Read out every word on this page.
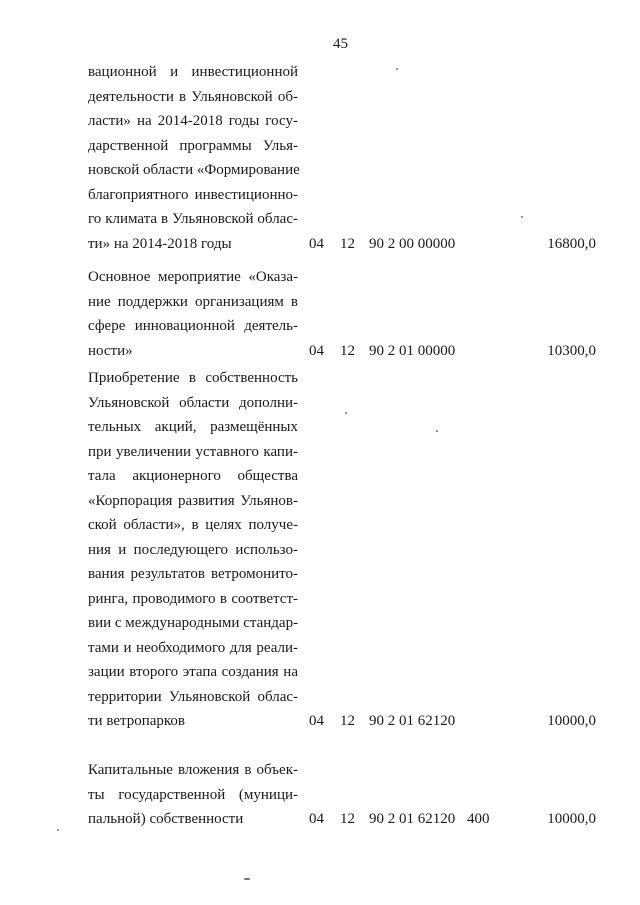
45
вационной и инвестиционной
деятельности в Ульяновской об-
ласти» на 2014-2018 годы госу-
дарственной программы Улья-
новской области «Формирование
благоприятного инвестиционно-
го климата в Ульяновской облас-
ти» на 2014-2018 годы	04 12 90 2 00 00000	16800,0
Основное мероприятие «Оказа-
ние поддержки организациям в
сфере инновационной деятель-
ности»	04 12 90 2 01 00000	10300,0
Приобретение в собственность
Ульяновской области дополни-
тельных акций, размещённых
при увеличении уставного капи-
тала акционерного общества
«Корпорация развития Ульянов-
ской области», в целях получе-
ния и последующего использо-
вания результатов ветромонито-
ринга, проводимого в соответст-
вии с международными стандар-
тами и необходимого для реали-
зации второго этапа создания на
территории Ульяновской облас-
ти ветропарков	04 12 90 2 01 62120	10000,0
Капитальные вложения в объек-
ты государственной (муници-
пальной) собственности	04 12 90 2 01 62120 400	10000,0
